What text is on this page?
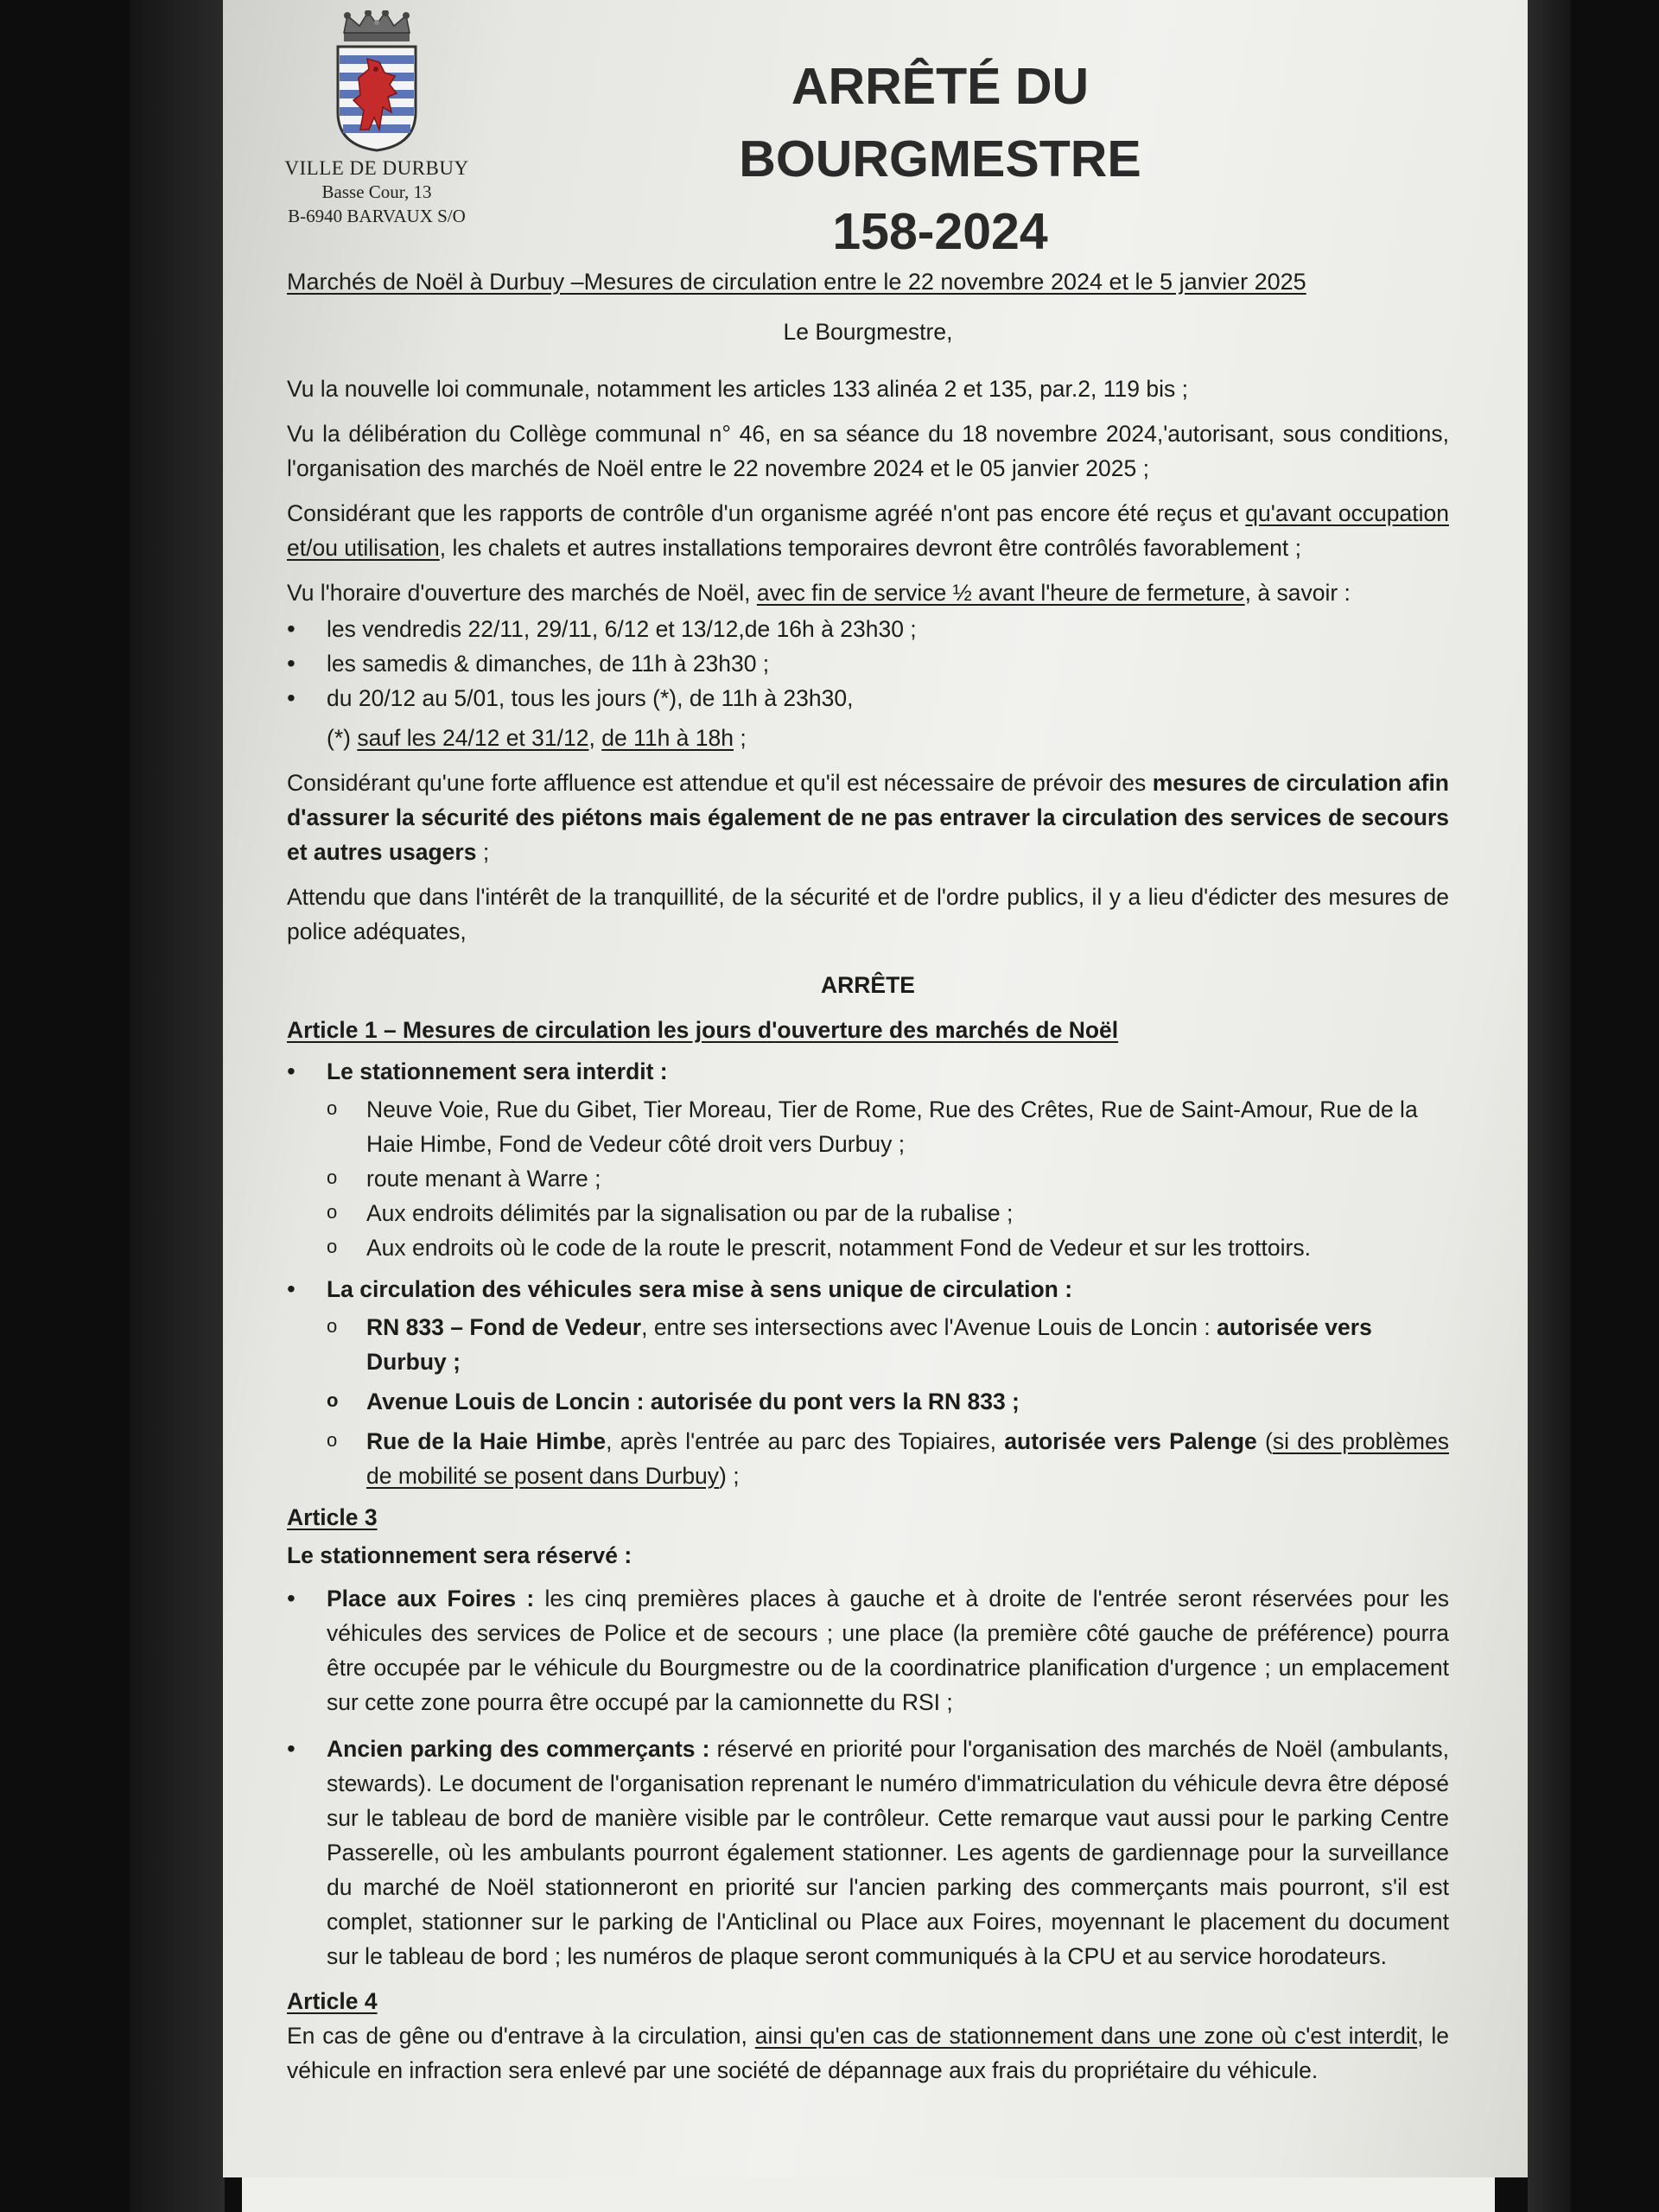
VILLE DE DURBUY
Basse Cour, 13
B-6940 BARVAUX S/O
ARRÊTÉ DU BOURGMESTRE
158-2024

Marchés de Noël à Durbuy –Mesures de circulation entre le 22 novembre 2024 et le 5 janvier 2025

Le Bourgmestre,

Vu la nouvelle loi communale, notamment les articles 133 alinéa 2 et 135, par.2, 119 bis ;

Vu la délibération du Collège communal n° 46, en sa séance du 18 novembre 2024,'autorisant, sous conditions, l'organisation des marchés de Noël entre le 22 novembre 2024 et le 05 janvier 2025 ;

Considérant que les rapports de contrôle d'un organisme agréé n'ont pas encore été reçus et qu'avant occupation et/ou utilisation, les chalets et autres installations temporaires devront être contrôlés favorablement ;

Vu l'horaire d'ouverture des marchés de Noël, avec fin de service ½ avant l'heure de fermeture, à savoir :

• les vendredis 22/11, 29/11, 6/12 et 13/12,de 16h à 23h30 ;
• les samedis & dimanches, de 11h à 23h30 ;
• du 20/12 au 5/01, tous les jours (*), de 11h à 23h30,

(*) sauf les 24/12 et 31/12, de 11h à 18h ;

Considérant qu'une forte affluence est attendue et qu'il est nécessaire de prévoir des mesures de circulation afin d'assurer la sécurité des piétons mais également de ne pas entraver la circulation des services de secours et autres usagers ;

Attendu que dans l'intérêt de la tranquillité, de la sécurité et de l'ordre publics, il y a lieu d'édicter des mesures de police adéquates,

ARRÊTE

Article 1 – Mesures de circulation les jours d'ouverture des marchés de Noël

• Le stationnement sera interdit :
o Neuve Voie, Rue du Gibet, Tier Moreau, Tier de Rome, Rue des Crêtes, Rue de Saint-Amour, Rue de la Haie Himbe, Fond de Vedeur côté droit vers Durbuy ;
o route menant à Warre ;
o Aux endroits délimités par la signalisation ou par de la rubalise ;
o Aux endroits où le code de la route le prescrit, notamment Fond de Vedeur et sur les trottoirs.
• La circulation des véhicules sera mise à sens unique de circulation :
o RN 833 – Fond de Vedeur, entre ses intersections avec l'Avenue Louis de Loncin : autorisée vers Durbuy ;
o Avenue Louis de Loncin : autorisée du pont vers la RN 833 ;
o Rue de la Haie Himbe, après l'entrée au parc des Topiaires, autorisée vers Palenge (si des problèmes de mobilité se posent dans Durbuy) ;

Article 3

Le stationnement sera réservé :

• Place aux Foires : les cinq premières places à gauche et à droite de l'entrée seront réservées pour les véhicules des services de Police et de secours ; une place (la première côté gauche de préférence) pourra être occupée par le véhicule du Bourgmestre ou de la coordinatrice planification d'urgence ; un emplacement sur cette zone pourra être occupé par la camionnette du RSI ;
• Ancien parking des commerçants : réservé en priorité pour l'organisation des marchés de Noël (ambulants, stewards). Le document de l'organisation reprenant le numéro d'immatriculation du véhicule devra être déposé sur le tableau de bord de manière visible par le contrôleur. Cette remarque vaut aussi pour le parking Centre Passerelle, où les ambulants pourront également stationner. Les agents de gardiennage pour la surveillance du marché de Noël stationneront en priorité sur l'ancien parking des commerçants mais pourront, s'il est complet, stationner sur le parking de l'Anticlinal ou Place aux Foires, moyennant le placement du document sur le tableau de bord ; les numéros de plaque seront communiqués à la CPU et au service horodateurs.

Article 4

En cas de gêne ou d'entrave à la circulation, ainsi qu'en cas de stationnement dans une zone où c'est interdit, le véhicule en infraction sera enlevé par une société de dépannage aux frais du propriétaire du véhicule.
